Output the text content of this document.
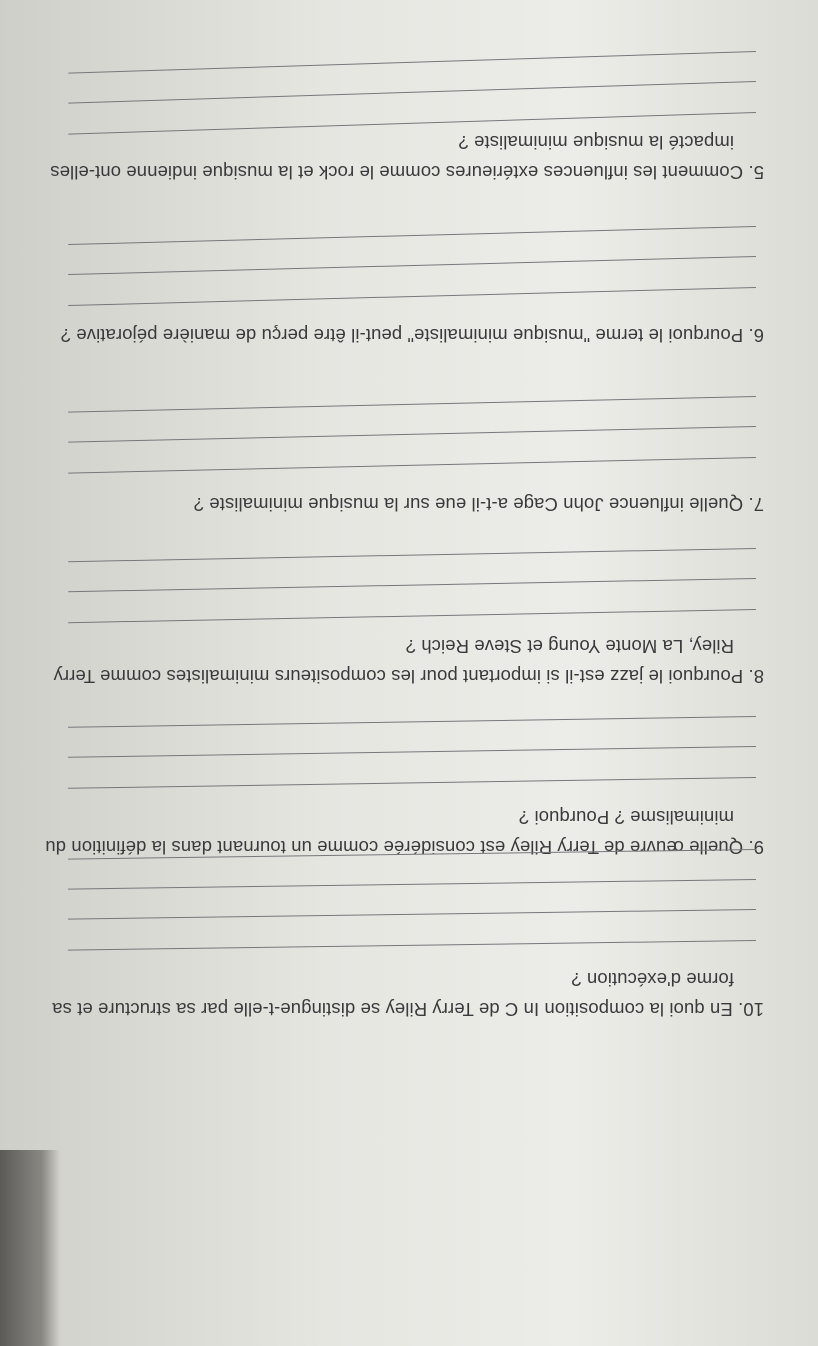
5. Comment les influences extérieures comme le rock et la musique indienne ont-elles
impacté la musique minimaliste ?
6. Pourquoi le terme "musique minimaliste" peut-il être perçu de manière péjorative ?
7. Quelle influence John Cage a-t-il eue sur la musique minimaliste ?
8. Pourquoi le jazz est-il si important pour les compositeurs minimalistes comme Terry
Riley, La Monte Young et Steve Reich ?
9. Quelle œuvre de Terry Riley est considérée comme un tournant dans la définition du
minimalisme ? Pourquoi ?
10. En quoi la composition In C de Terry Riley se distingue-t-elle par sa structure et sa
forme d'exécution ?
